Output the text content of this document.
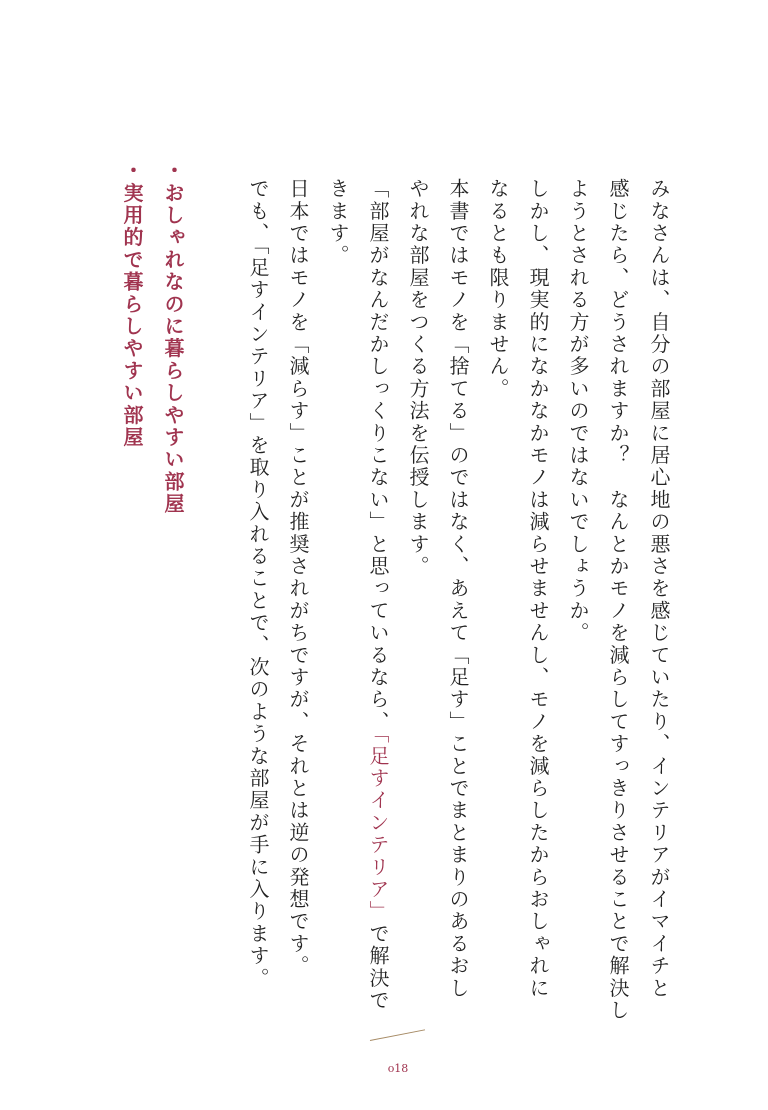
みなさんは、自分の部屋に居心地の悪さを感じていたり、インテリアがイマイチと
感じたら、どうされますか？　なんとかモノを減らしてすっきりさせることで解決し
ようとされる方が多いのではないでしょうか。
しかし、現実的になかなかモノは減らせませんし、モノを減らしたからおしゃれに
なるとも限りません。
本書ではモノを「捨てる」のではなく、あえて「足す」ことでまとまりのあるおし
やれな部屋をつくる方法を伝授します。
「部屋がなんだかしっくりこない」と思っているなら、「足すインテリア」で解決で
きます。
日本ではモノを「減らす」ことが推奨されがちですが、それとは逆の発想です。
でも、「足すインテリア」を取り入れることで、次のような部屋が手に入ります。
・おしゃれなのに暮らしやすい部屋
・実用的で暮らしやすい部屋
o18
